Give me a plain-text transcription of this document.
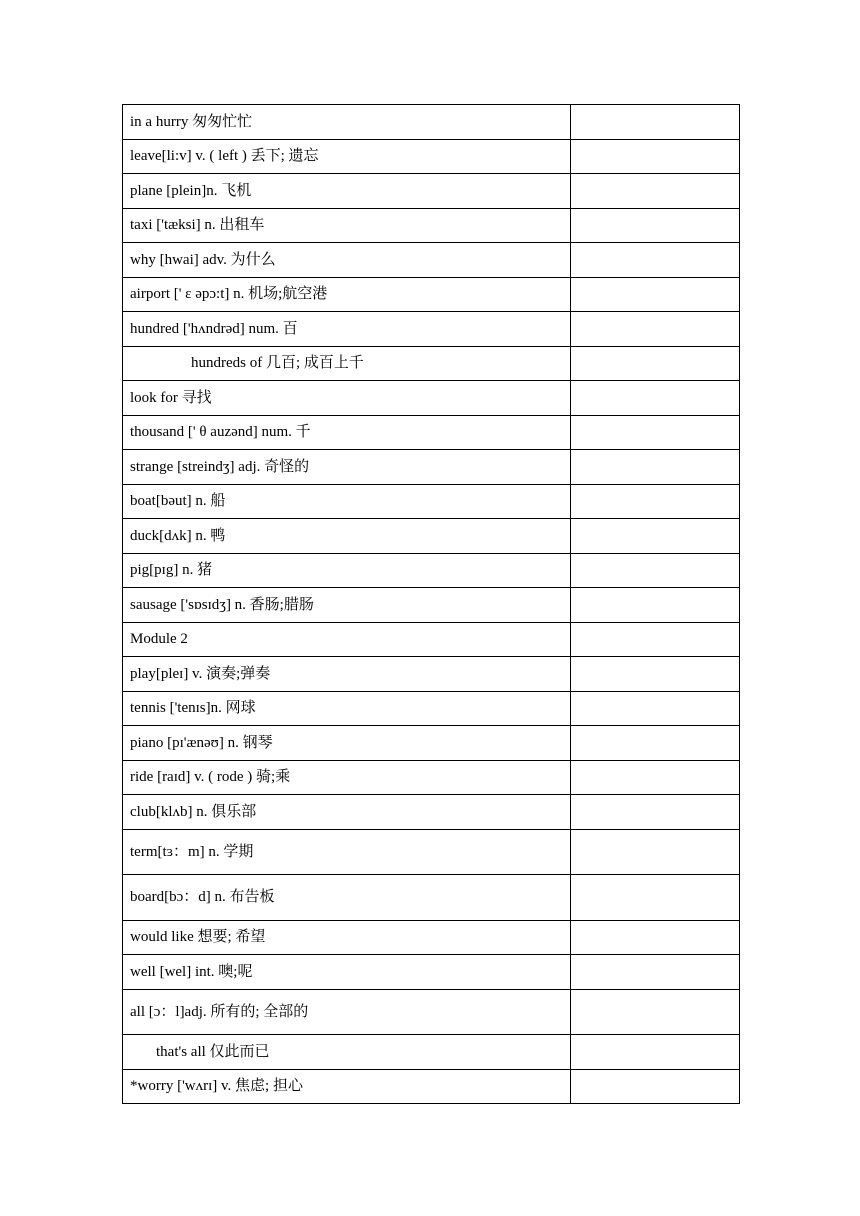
in a hurry 匆匆忙忙	
leave[li:v] v. ( left ) 丢下; 遗忘	
plane [plein]n. 飞机	
taxi ['tæksi] n. 出租车	
why [hwai] adv. 为什么	
airport [' ɛ əpɔ:t] n. 机场;航空港	
hundred ['hʌndrəd] num. 百	
hundreds of 几百; 成百上千	
look for 寻找	
thousand [' θ auzənd] num. 千	
strange [streindʒ] adj. 奇怪的	
boat[bəut] n. 船	
duck[dʌk] n. 鸭	
pig[pɪg] n. 猪	
sausage ['sɒsɪdʒ] n. 香肠;腊肠	
Module 2	
play[pleɪ] v. 演奏;弹奏	
tennis ['tenɪs]n. 网球	
piano [pɪ'ænəʊ] n. 钢琴	
ride [raɪd] v. ( rode ) 骑;乘	
club[klʌb] n. 俱乐部	
term[tɜ：m] n. 学期	
board[bɔ：d] n. 布告板	
would like 想要; 希望	
well [wel] int. 噢;呢	
all [ɔ：l]adj. 所有的; 全部的	
that's all 仅此而已	
*worry ['wʌrɪ] v. 焦虑; 担心	
